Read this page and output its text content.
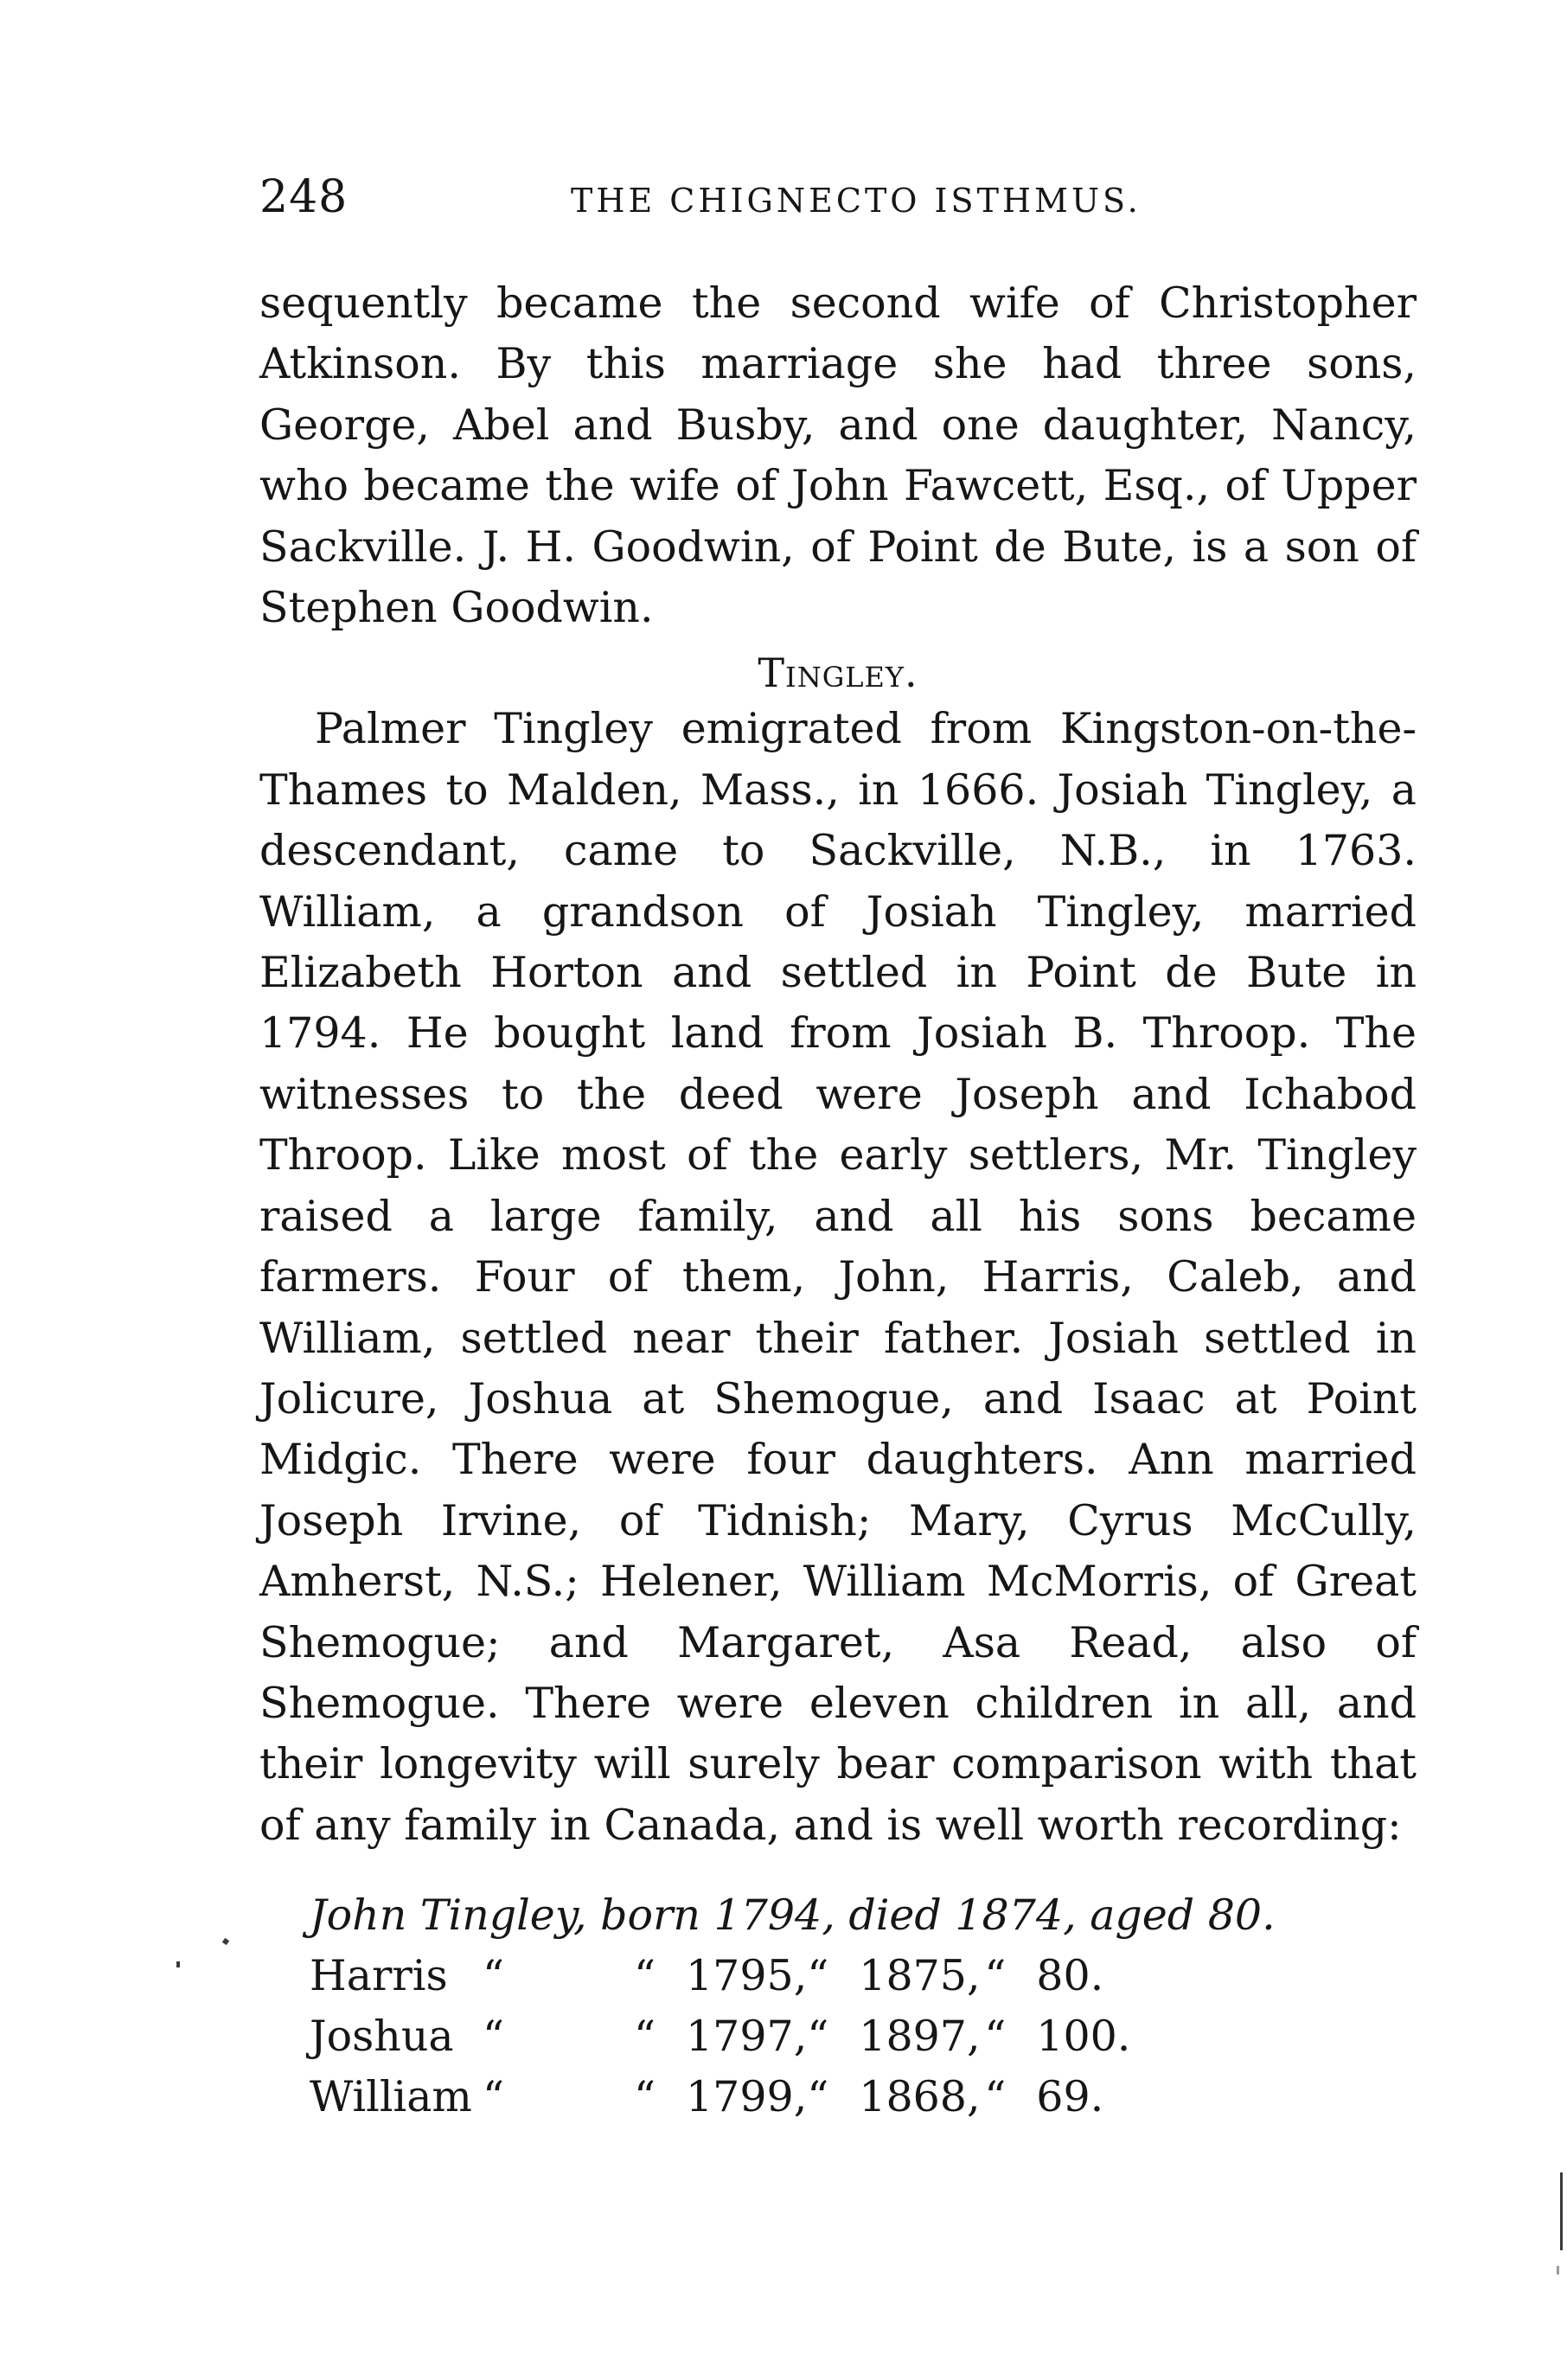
248	THE CHIGNECTO ISTHMUS.

sequently became the second wife of Christopher Atkinson. By this marriage she had three sons, George, Abel and Busby, and one daughter, Nancy, who became the wife of John Fawcett, Esq., of Upper Sackville. J. H. Goodwin, of Point de Bute, is a son of Stephen Goodwin.

Tingley.

Palmer Tingley emigrated from Kingston-on-the-Thames to Malden, Mass., in 1666. Josiah Tingley, a descendant, came to Sackville, N.B., in 1763. William, a grandson of Josiah Tingley, married Elizabeth Horton and settled in Point de Bute in 1794. He bought land from Josiah B. Throop. The witnesses to the deed were Joseph and Ichabod Throop. Like most of the early settlers, Mr. Tingley raised a large family, and all his sons became farmers. Four of them, John, Harris, Caleb, and William, settled near their father. Josiah settled in Jolicure, Joshua at Shemogue, and Isaac at Point Midgic. There were four daughters. Ann married Joseph Irvine, of Tidnish; Mary, Cyrus McCully, Amherst, N.S.; Helener, William McMorris, of Great Shemogue; and Margaret, Asa Read, also of Shemogue. There were eleven children in all, and their longevity will surely bear comparison with that of any family in Canada, and is well worth recording:

John Tingley, born 1794, died 1874, aged 80.
Harris	“	“	1795,	“	1875,	“	80.
Joshua	“	“	1797,	“	1897,	“	100.
William	“	“	1799,	“	1868,	“	69.
